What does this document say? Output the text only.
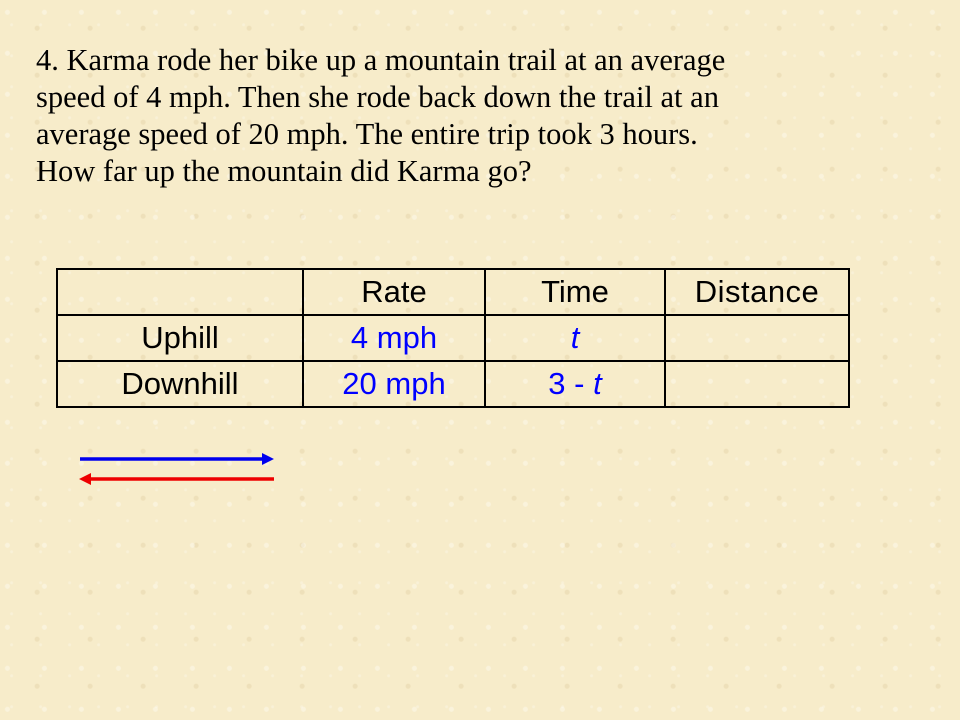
4. Karma rode her bike up a mountain trail at an average
speed of 4 mph. Then she rode back down the trail at an
average speed of 20 mph. The entire trip took 3 hours.
How far up the mountain did Karma go?
	Rate	Time	Distance
Uphill	4 mph	t	
Downhill	20 mph	3 - t	
